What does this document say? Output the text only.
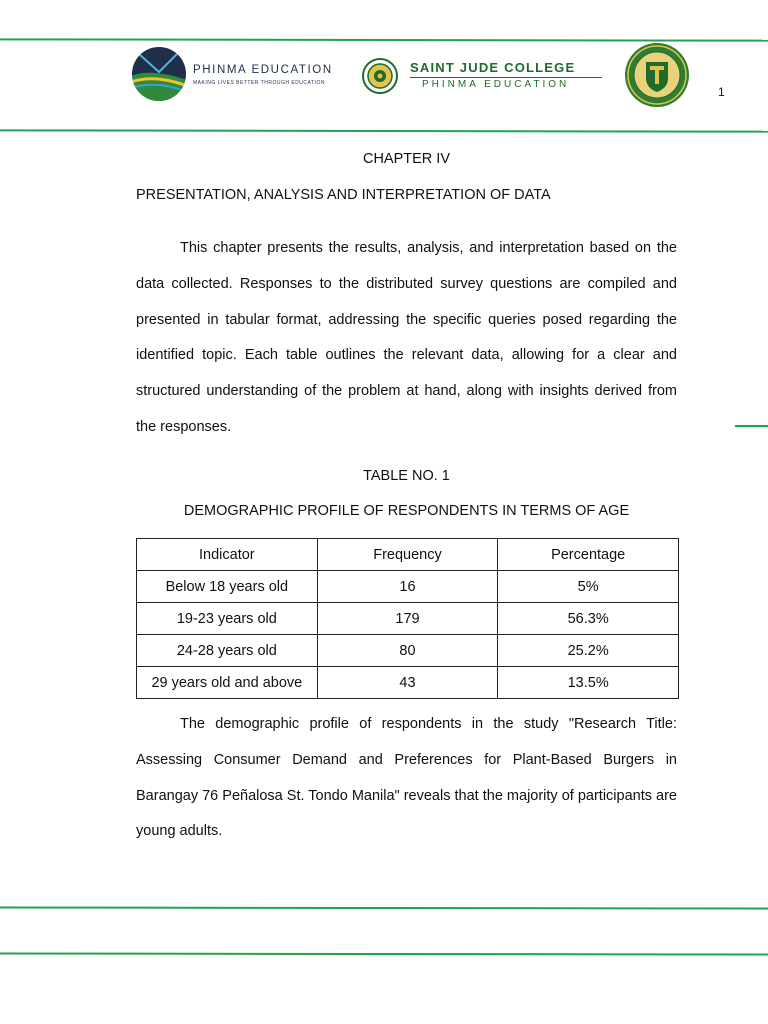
PHINMA EDUCATION
MAKING LIVES BETTER THROUGH EDUCATION
SAINT JUDE COLLEGE
PHINMA EDUCATION
1
CHAPTER IV
PRESENTATION, ANALYSIS AND INTERPRETATION OF DATA

This chapter presents the results, analysis, and interpretation based on the data collected. Responses to the distributed survey questions are compiled and presented in tabular format, addressing the specific queries posed regarding the identified topic. Each table outlines the relevant data, allowing for a clear and structured understanding of the problem at hand, along with insights derived from the responses.

TABLE NO. 1
DEMOGRAPHIC PROFILE OF RESPONDENTS IN TERMS OF AGE
Indicator	Frequency	Percentage
Below 18 years old	16	5%
19-23 years old	179	56.3%
24-28 years old	80	25.2%
29 years old and above	43	13.5%

The demographic profile of respondents in the study "Research Title: Assessing Consumer Demand and Preferences for Plant-Based Burgers in Barangay 76 Peñalosa St. Tondo Manila" reveals that the majority of participants are young adults.
